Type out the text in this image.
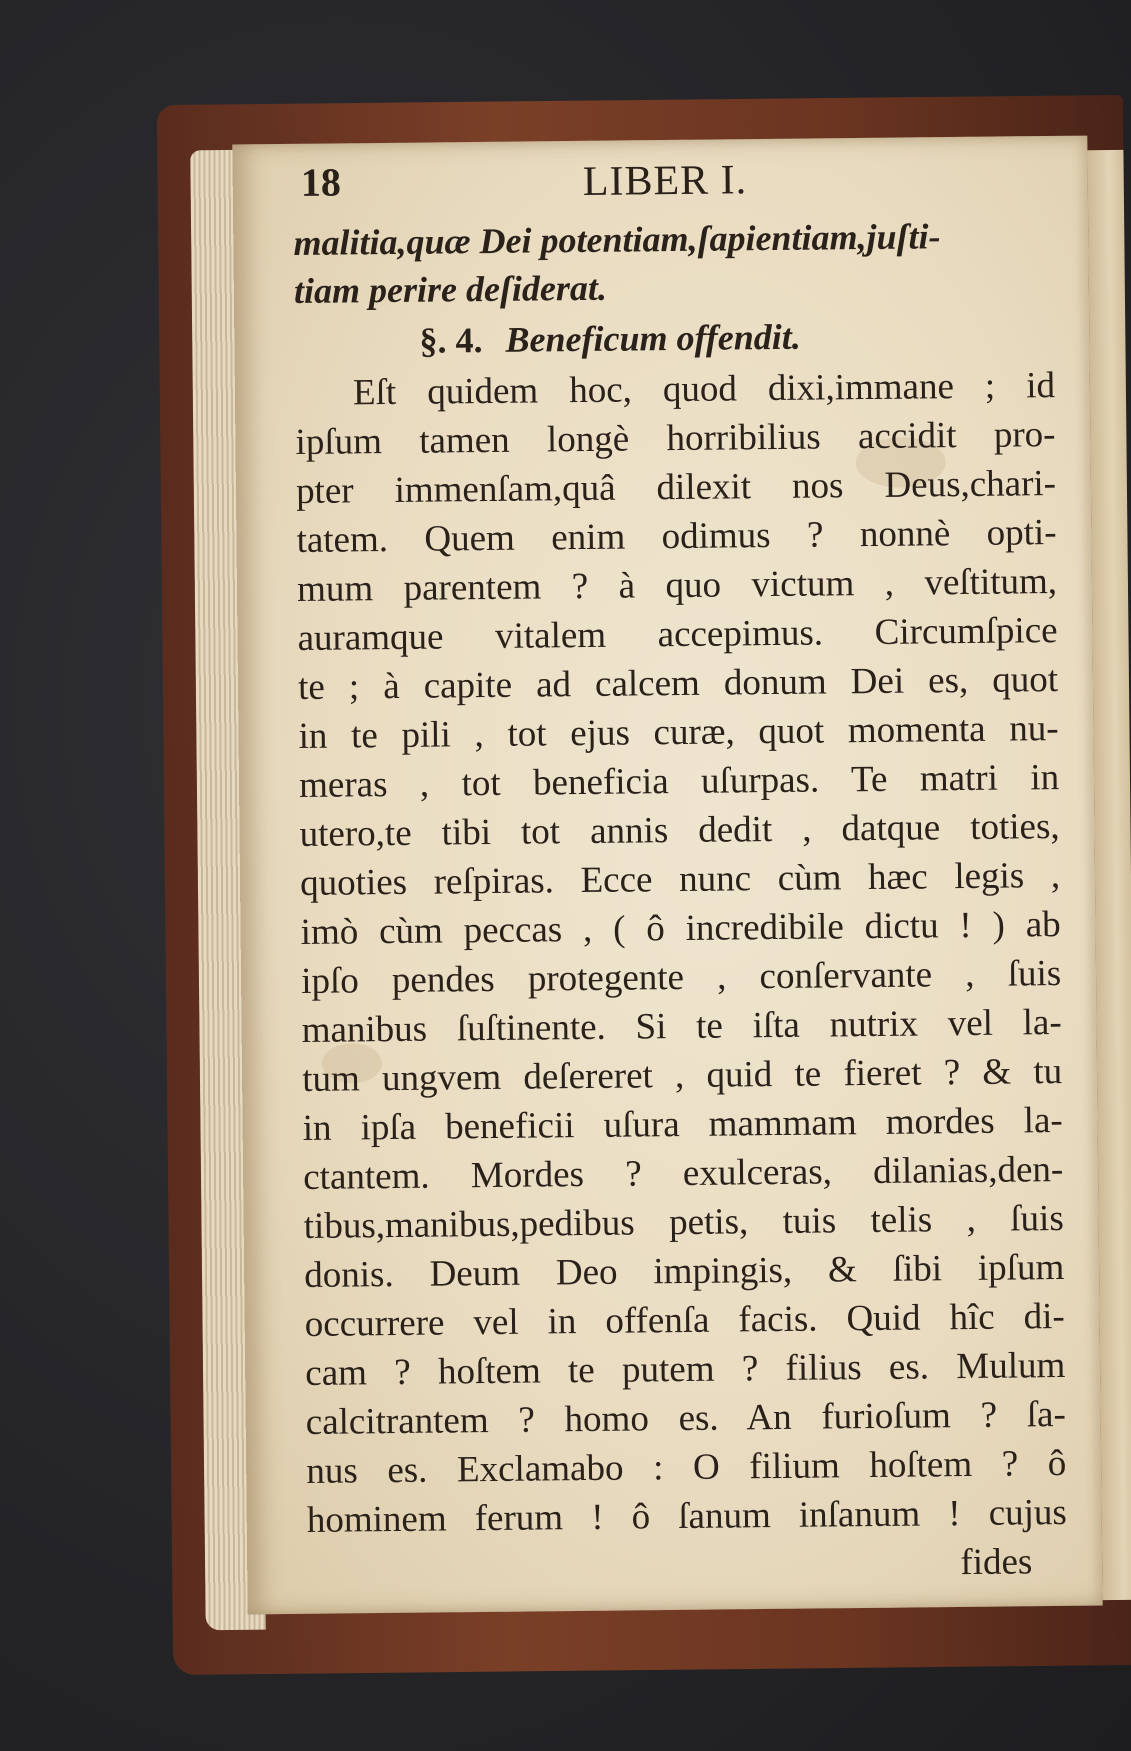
18	LIBER I.
malitia,quæ Dei potentiam,ſapientiam,juſti-
tiam perire deſiderat.
§. 4. Beneficum offendit.
Eſt quidem hoc, quod dixi,immane ; id
ipſum tamen longè horribilius accidit pro-
pter immenſam,quâ dilexit nos Deus,chari-
tatem. Quem enim odimus ? nonnè opti-
mum parentem ? à quo victum , veſtitum,
auramque vitalem accepimus. Circumſpice
te ; à capite ad calcem donum Dei es, quot
in te pili , tot ejus curæ, quot momenta nu-
meras , tot beneficia uſurpas. Te matri in
utero,te tibi tot annis dedit , datque toties,
quoties reſpiras. Ecce nunc cùm hæc legis ,
imò cùm peccas , ( ô incredibile dictu ! ) ab
ipſo pendes protegente , conſervante , ſuis
manibus ſuſtinente. Si te iſta nutrix vel la-
tum ungvem deſereret , quid te fieret ? & tu
in ipſa beneficii uſura mammam mordes la-
ctantem. Mordes ? exulceras, dilanias,den-
tibus,manibus,pedibus petis, tuis telis , ſuis
donis. Deum Deo impingis, & ſibi ipſum
occurrere vel in offenſa facis. Quid hîc di-
cam ? hoſtem te putem ? filius es. Mulum
calcitrantem ? homo es. An furioſum ? ſa-
nus es. Exclamabo : O filium hoſtem ? ô
hominem ferum ! ô ſanum inſanum ! cujus
fides
